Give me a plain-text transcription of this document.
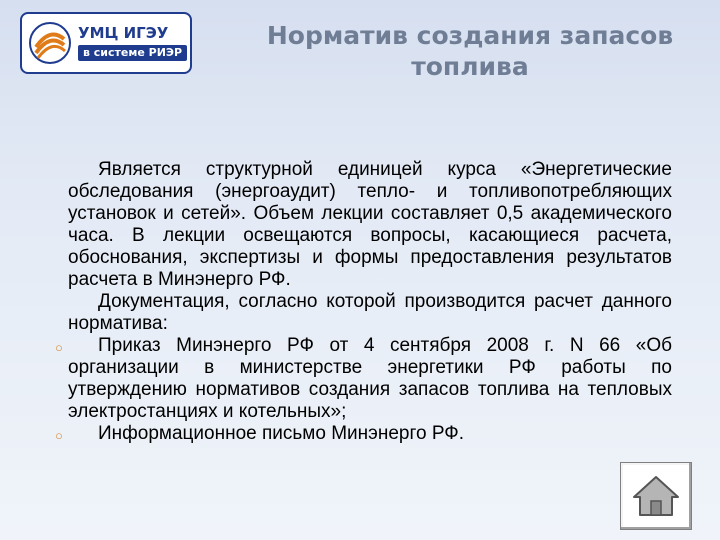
УМЦ ИГЭУ
в системе РИЭР
Норматив создания запасов
топлива

Является структурной единицей курса «Энергетические обследования (энергоаудит) тепло- и топливопотребляющих установок и сетей». Объем лекции составляет 0,5 академического часа. В лекции освещаются вопросы, касающиеся расчета, обоснования, экспертизы и формы предоставления результатов расчета в Минэнерго РФ.

Документация, согласно которой производится расчет данного норматива:

○ Приказ Минэнерго РФ от 4 сентября 2008 г. N 66 «Об организации в министерстве энергетики РФ работы по утверждению нормативов создания запасов топлива на тепловых электростанциях и котельных»;

○ Информационное письмо Минэнерго РФ.
